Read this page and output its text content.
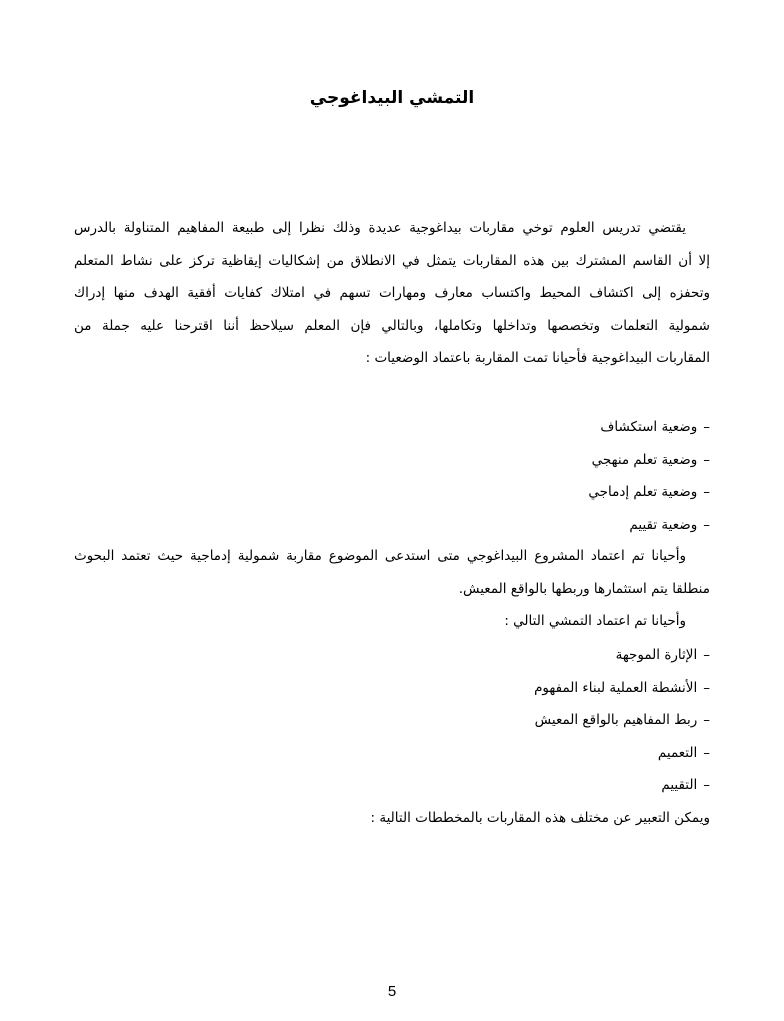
التمشي البيداغوجي
يقتضي تدريس العلوم توخي مقاربات بيداغوجية عديدة وذلك نظرا إلى طبيعة المفاهيم المتناولة بالدرس
إلا أن القاسم المشترك بين هذه المقاربات يتمثل في الانطلاق من إشكاليات إيقاظية تركز على نشاط المتعلم
وتحفزه إلى اكتشاف المحيط واكتساب معارف ومهارات تسهم في امتلاك كفايات أفقية الهدف منها إدراك
شمولية التعلمات وتخصصها وتداخلها وتكاملها، وبالتالي فإن المعلم سيلاحظ أننا اقترحنا عليه جملة من
المقاربات البيداغوجية فأحيانا تمت المقاربة باعتماد الوضعيات :
–وضعية استكشاف
–وضعية تعلم منهجي
–وضعية تعلم إدماجي
–وضعية تقييم
وأحيانا تم اعتماد المشروع البيداغوجي متى استدعى الموضوع مقاربة شمولية إدماجية حيث تعتمد البحوث
منطلقا يتم استثمارها وربطها بالواقع المعيش.
وأحيانا تم اعتماد التمشي التالي :
–الإثارة الموجهة
–الأنشطة العملية لبناء المفهوم
–ربط المفاهيم بالواقع المعيش
–التعميم
–التقييم
ويمكن التعبير عن مختلف هذه المقاربات بالمخططات التالية :
5
